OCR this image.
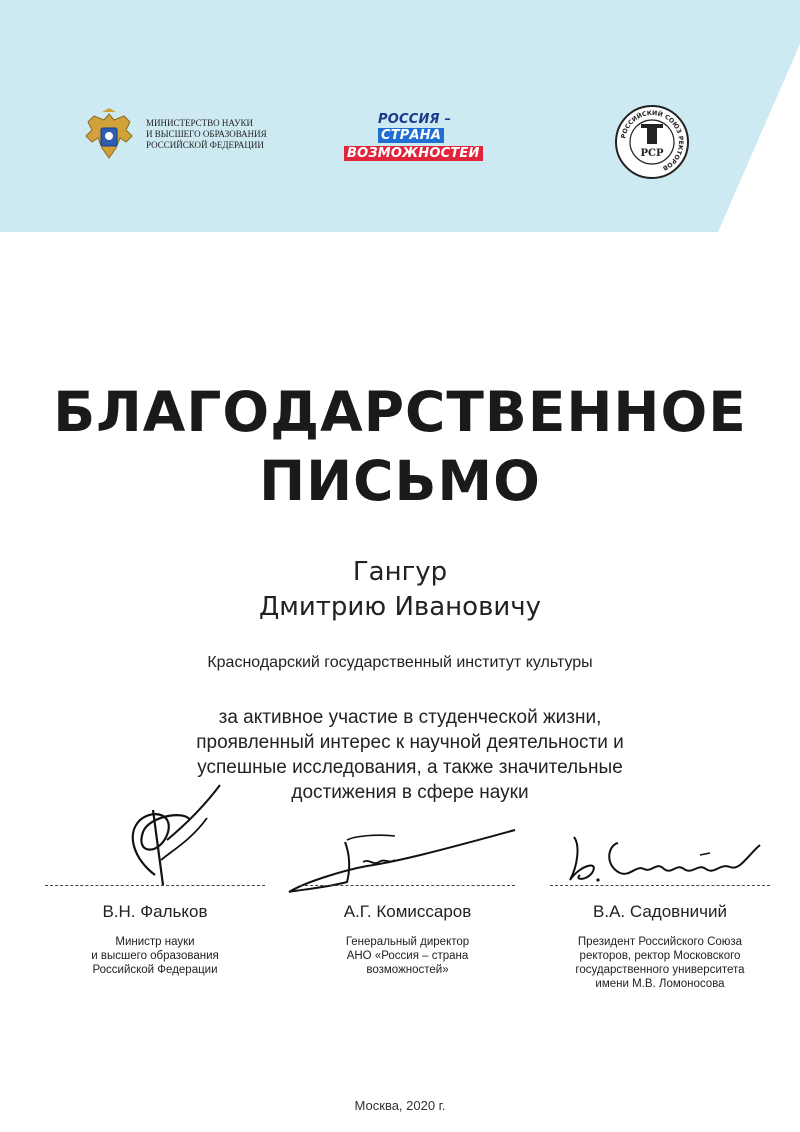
МИНИСТЕРСТВО НАУКИ
И ВЫСШЕГО ОБРАЗОВАНИЯ
РОССИЙСКОЙ ФЕДЕРАЦИИ
РОССИЯ –
СТРАНА
ВОЗМОЖНОСТЕЙ
РОССИЙСКИЙ СОЮЗ РЕКТОРОВ
РСР
БЛАГОДАРСТВЕННОЕ
ПИСЬМО
Гангур
Дмитрию Ивановичу
Краснодарский государственный институт культуры
за активное участие в студенческой жизни,
проявленный интерес к научной деятельности и
успешные исследования, а также значительные
достижения в сфере науки
В.Н. Фальков	А.Г. Комиссаров	В.А. Садовничий
Министр науки
и высшего образования
Российской Федерации
Генеральный директор
АНО «Россия – страна
возможностей»
Президент Российского Союза
ректоров, ректор Московского
государственного университета
имени М.В. Ломоносова
Москва, 2020 г.
